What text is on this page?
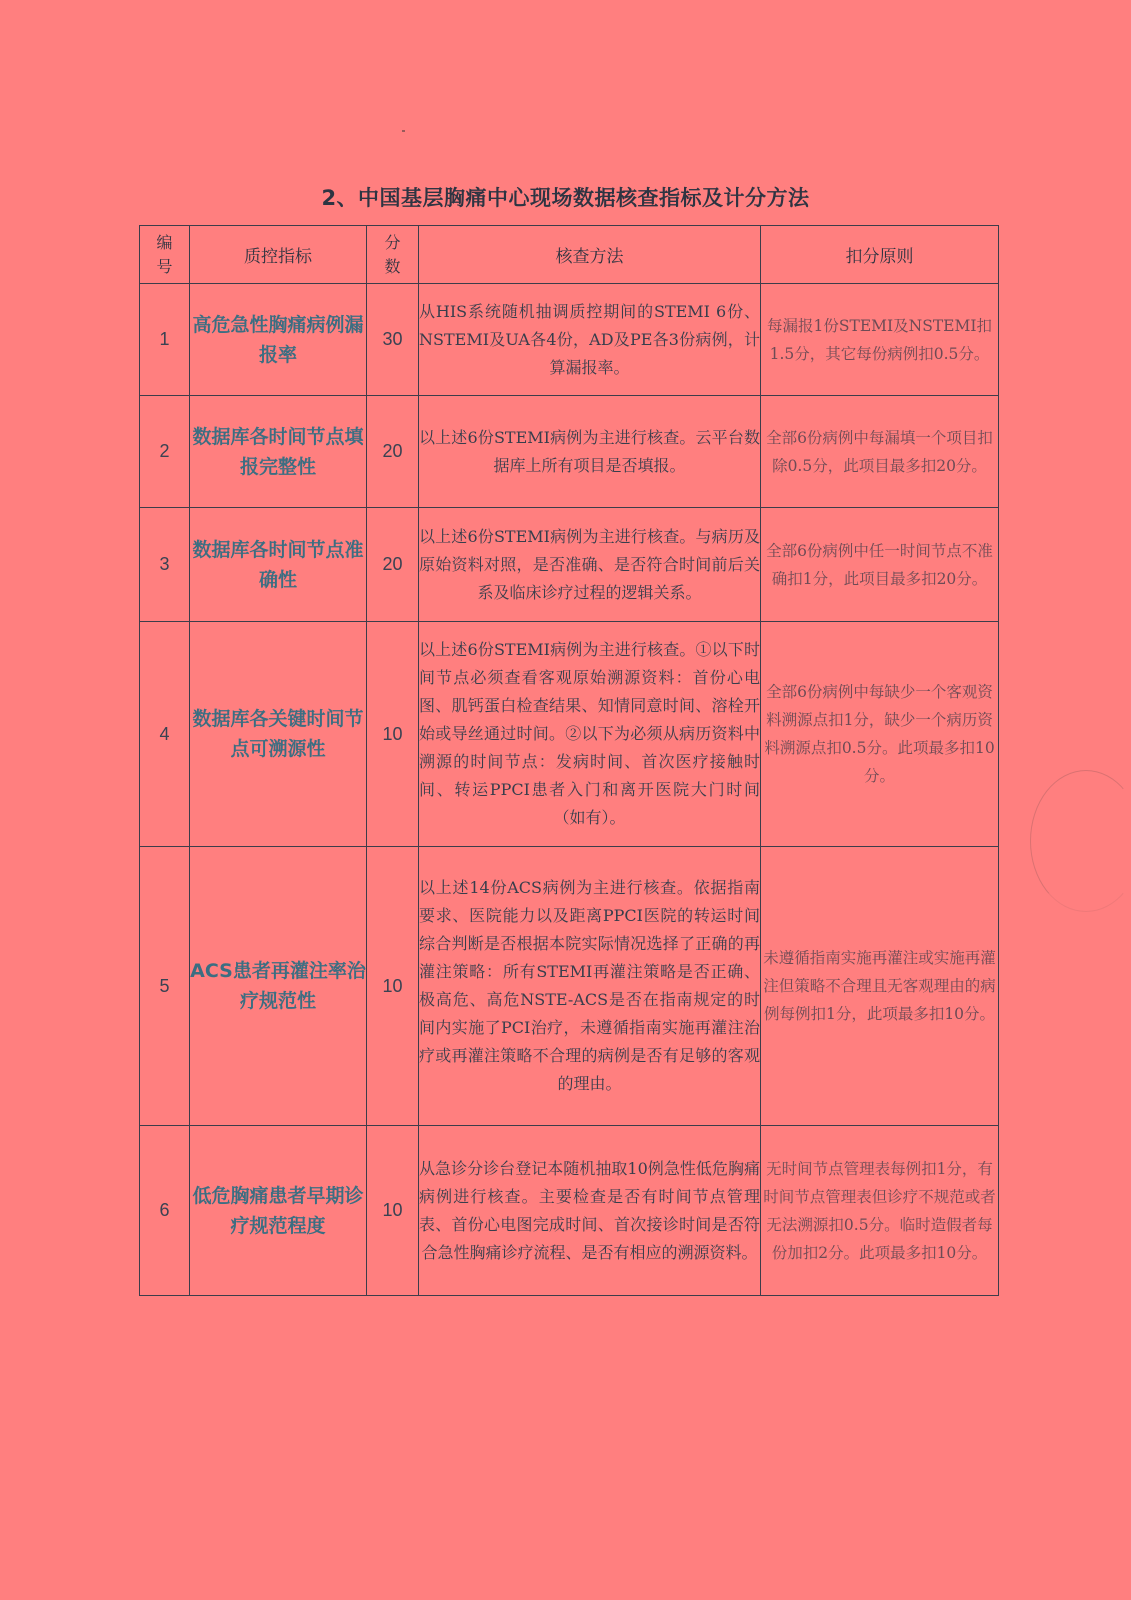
2、中国基层胸痛中心现场数据核查指标及计分方法
编号	质控指标	分数	核查方法	扣分原则
1	高危急性胸痛病例漏报率	30	从HIS系统随机抽调质控期间的STEMI 6份、NSTEMI及UA各4份，AD及PE各3份病例，计算漏报率。	每漏报1份STEMI及NSTEMI扣1.5分，其它每份病例扣0.5分。
2	数据库各时间节点填报完整性	20	以上述6份STEMI病例为主进行核查。云平台数据库上所有项目是否填报。	全部6份病例中每漏填一个项目扣除0.5分，此项目最多扣20分。
3	数据库各时间节点准确性	20	以上述6份STEMI病例为主进行核查。与病历及原始资料对照，是否准确、是否符合时间前后关系及临床诊疗过程的逻辑关系。	全部6份病例中任一时间节点不准确扣1分，此项目最多扣20分。
4	数据库各关键时间节点可溯源性	10	以上述6份STEMI病例为主进行核查。①以下时间节点必须查看客观原始溯源资料：首份心电图、肌钙蛋白检查结果、知情同意时间、溶栓开始或导丝通过时间。②以下为必须从病历资料中溯源的时间节点：发病时间、首次医疗接触时间、转运PPCI患者入门和离开医院大门时间（如有）。	全部6份病例中每缺少一个客观资料溯源点扣1分，缺少一个病历资料溯源点扣0.5分。此项最多扣10分。
5	ACS患者再灌注率治疗规范性	10	以上述14份ACS病例为主进行核查。依据指南要求、医院能力以及距离PPCI医院的转运时间综合判断是否根据本院实际情况选择了正确的再灌注策略：所有STEMI再灌注策略是否正确、极高危、高危NSTE-ACS是否在指南规定的时间内实施了PCI治疗，未遵循指南实施再灌注治疗或再灌注策略不合理的病例是否有足够的客观的理由。	未遵循指南实施再灌注或实施再灌注但策略不合理且无客观理由的病例每例扣1分，此项最多扣10分。
6	低危胸痛患者早期诊疗规范程度	10	从急诊分诊台登记本随机抽取10例急性低危胸痛病例进行核查。主要检查是否有时间节点管理表、首份心电图完成时间、首次接诊时间是否符合急性胸痛诊疗流程、是否有相应的溯源资料。	无时间节点管理表每例扣1分，有时间节点管理表但诊疗不规范或者无法溯源扣0.5分。临时造假者每份加扣2分。此项最多扣10分。
